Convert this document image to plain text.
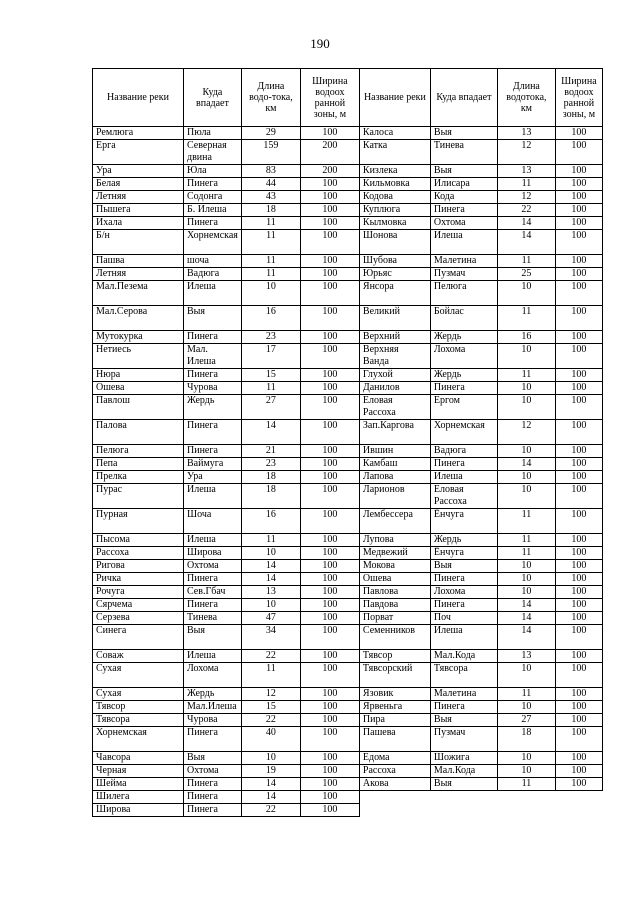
190
Название реки	Куда впадает	Длина водо-тока, км	Ширина водоох ранной зоны, м	Название реки	Куда впадает	Длина водотока, км	Ширина водоох ранной зоны, м
Ремлюга	Пюла	29	100	Калоса	Выя	13	100
Ерга	Северная двина	159	200	Катка	Тинева	12	100
Ура	Юла	83	200	Кизлека	Выя	13	100
Белая	Пинега	44	100	Кильмовка	Илиcара	11	100
Летняя	Содонга	43	100	Кодова	Кода	12	100
Пышега	Б. Илеша	18	100	Куплюга	Пинега	22	100
Ихала	Пинега	11	100	Кылмовка	Охтома	14	100
Б/н	Хорнемская	11	100	Шонова	Илеша	14	100
Пашва	шоча	11	100	Шубова	Малетина	11	100
Летняя	Вадюга	11	100	Юрьяс	Пузмач	25	100
Мал.Пезема	Илеша	10	100	Янсора	Пелюга	10	100
Мал.Серова	Выя	16	100	Великий	Бойлас	11	100
Мутокурка	Пинега	23	100	Верхний	Жердь	16	100
Нетиесь	Мал. Илеша	17	100	Верхняя Ванда	Лохома	10	100
Нюра	Пинега	15	100	Глухой	Жердь	11	100
Ошева	Чурова	11	100	Данилов	Пинега	10	100
Павлош	Жердь	27	100	Еловая Рассоха	Ергом	10	100
Палова	Пинега	14	100	Зап.Каргова	Хорнемская	12	100
Пелюга	Пинега	21	100	Ившин	Вадюга	10	100
Пепа	Ваймуга	23	100	Камбаш	Пинега	14	100
Прелка	Ура	18	100	Лапова	Илеша	10	100
Пурас	Илеша	18	100	Ларионов	Еловая Рассоха	10	100
Пурная	Шоча	16	100	Лембессера	Ёнчуга	11	100
Пысома	Илеша	11	100	Лупова	Жердь	11	100
Рассоха	Ширoва	10	100	Медвежий	Ёнчуга	11	100
Ригова	Охтома	14	100	Мокова	Выя	10	100
Ричка	Пинега	14	100	Ошева	Пинега	10	100
Рочуга	Сев.Гбач	13	100	Павлова	Лохома	10	100
Сярчема	Пинега	10	100	Павдова	Пинега	14	100
Серзева	Тинева	47	100	Порват	Поч	14	100
Синега	Выя	34	100	Семенников	Илеша	14	100
Соваж	Илеша	22	100	Тявсор	Мал.Кода	13	100
Сухая	Лохома	11	100	Тявсорский	Тявсора	10	100
Сухая	Жердь	12	100	Язовик	Малетина	11	100
Тявсор	Мал.Илеша	15	100	Ярвеньга	Пинега	10	100
Тявсора	Чурова	22	100	Пира	Выя	27	100
Хорнемская	Пинега	40	100	Пашева	Пузмач	18	100
Чавсора	Выя	10	100	Едома	Шожига	10	100
Черная	Охтома	19	100	Рассоха	Мал.Кода	10	100
Шейма	Пинега	14	100	Акова	Выя	11	100
Шилега	Пинега	14	100				
Ширoва	Пинега	22	100				
